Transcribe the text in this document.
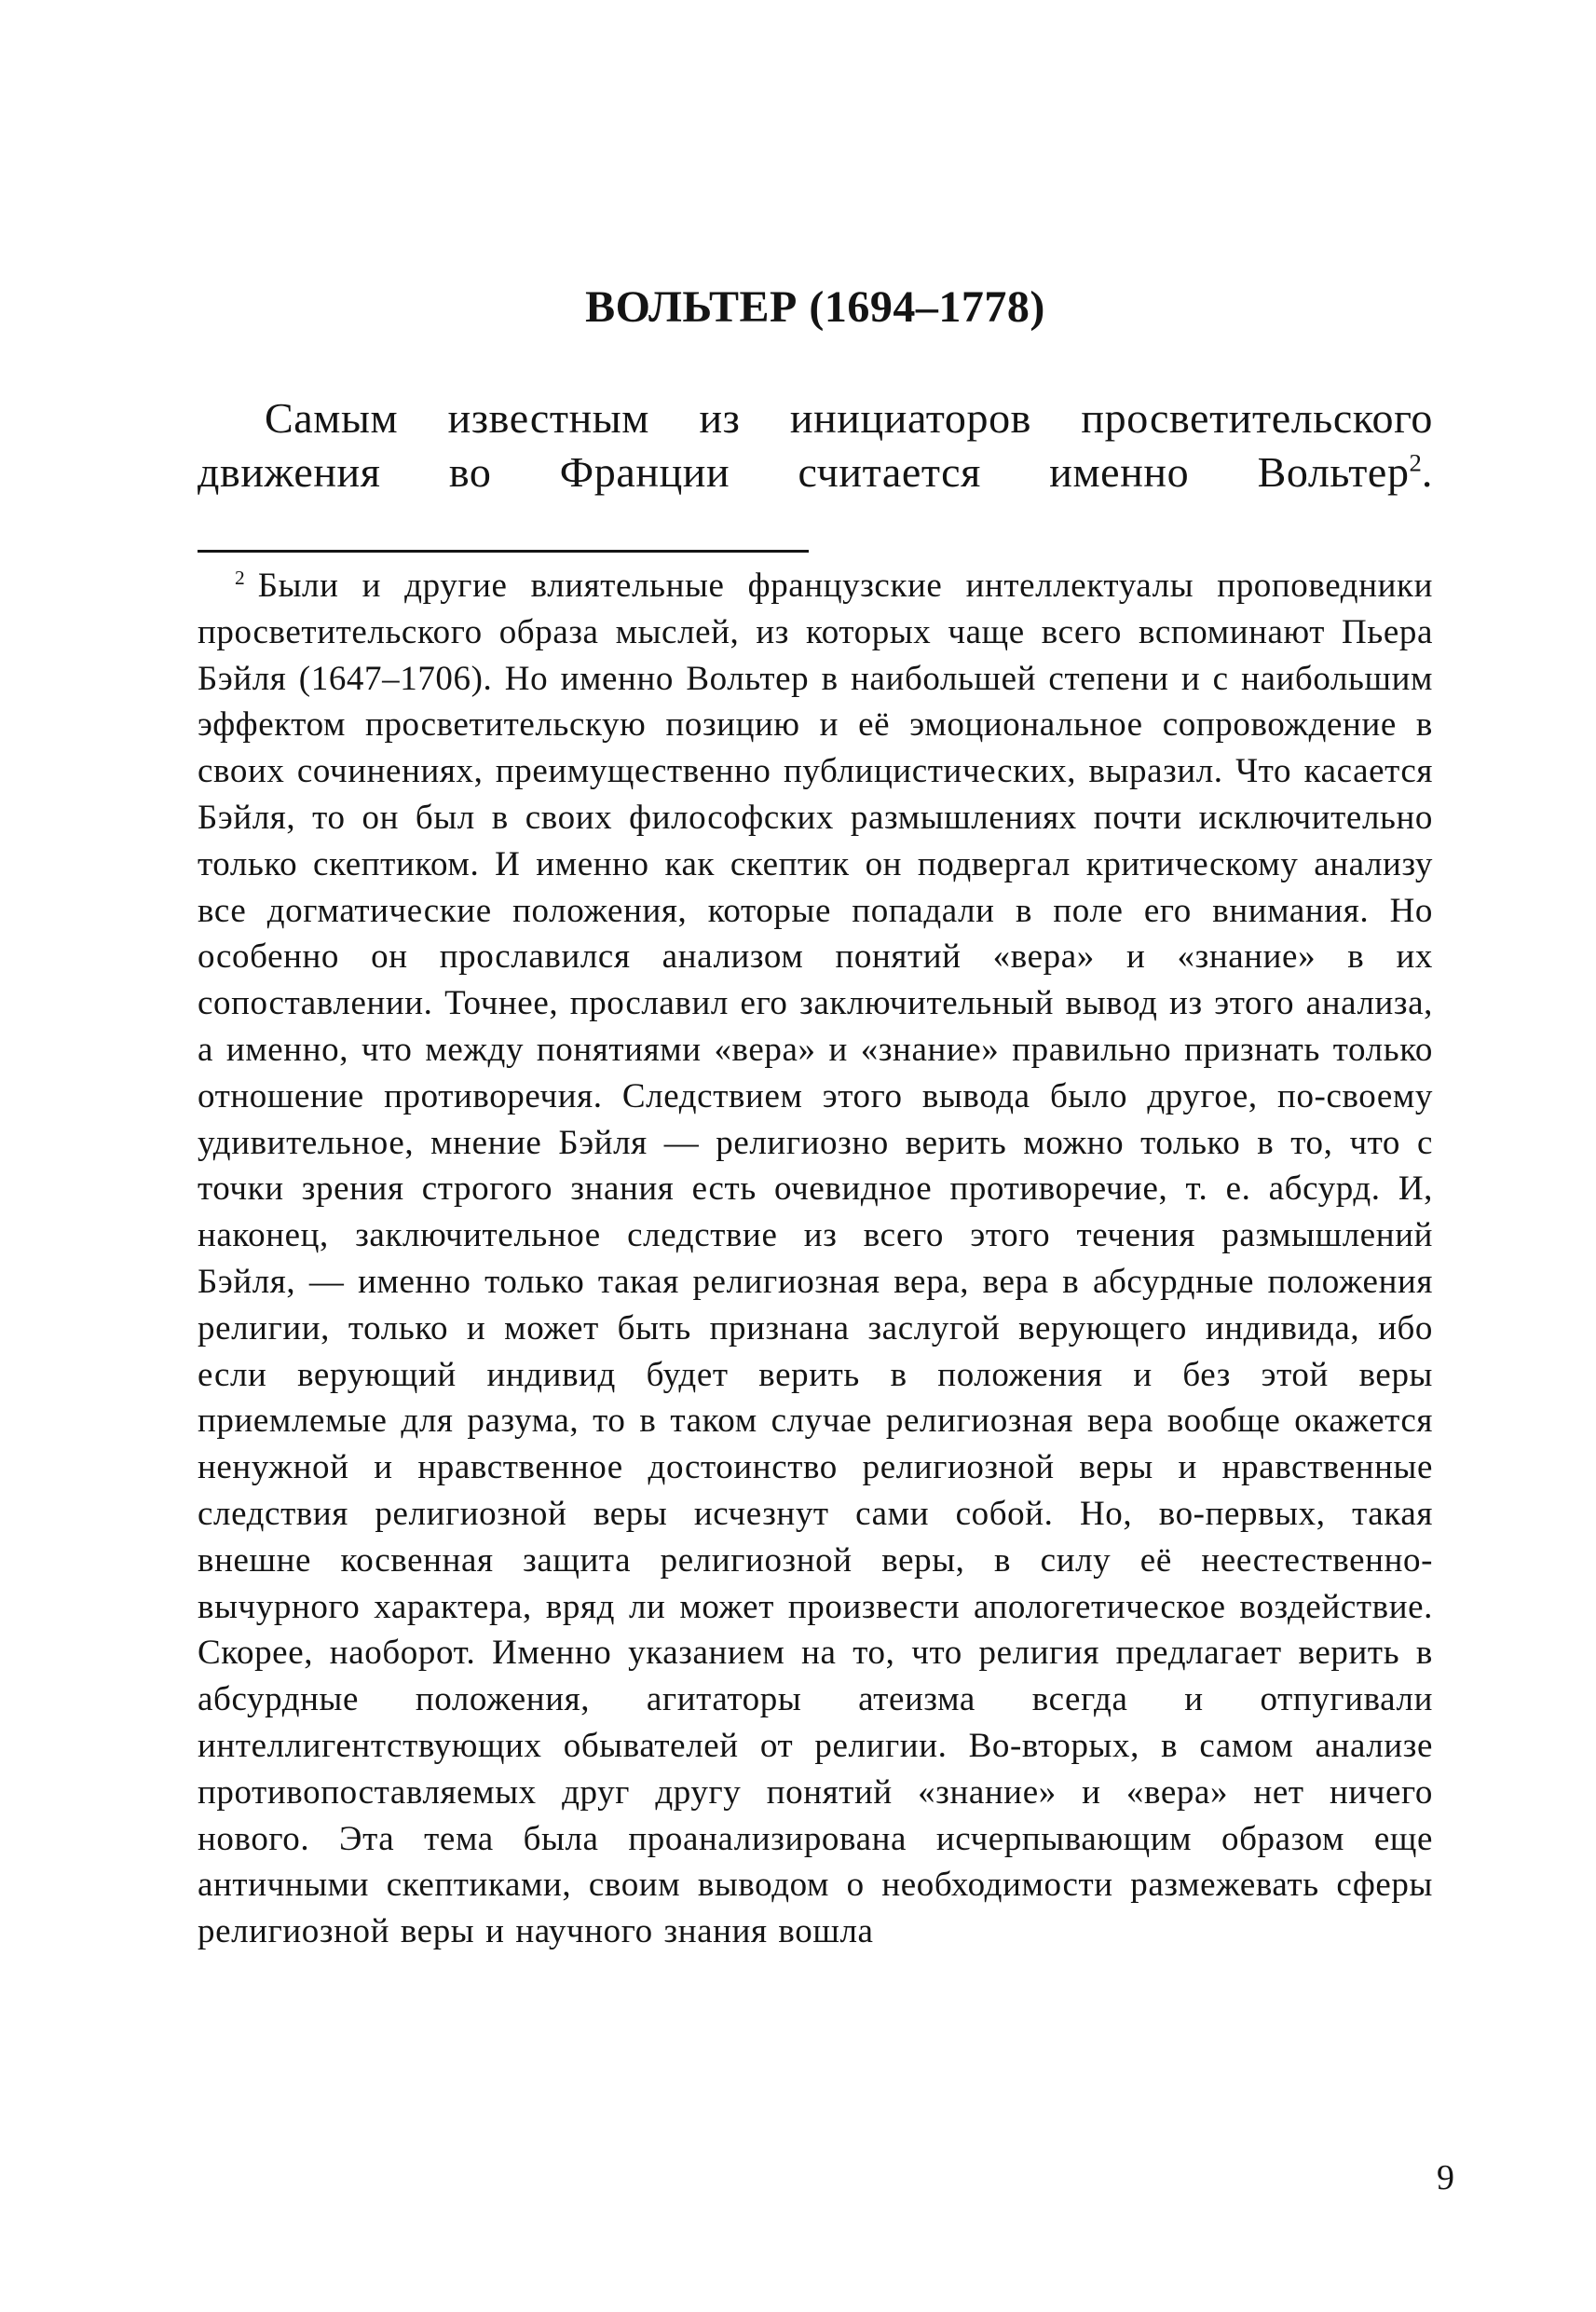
ВОЛЬТЕР (1694–1778)

Самым известным из инициаторов просветительского движения во Франции считается именно Вольтер$^2$.

$^2$ Были и другие влиятельные французские интеллектуалы проповедники просветительского образа мыслей, из которых чаще всего вспоминают Пьера Бэйля (1647–1706). Но именно Вольтер в наибольшей степени и с наибольшим эффектом просветительскую позицию и её эмоциональное сопровождение в своих сочинениях, преимущественно публицистических, выразил. Что касается Бэйля, то он был в своих философских размышлениях почти исключительно только скептиком. И именно как скептик он подвергал критическому анализу все догматические положения, которые попадали в поле его внимания. Но особенно он прославился анализом понятий «вера» и «знание» в их сопоставлении. Точнее, прославил его заключительный вывод из этого анализа, а именно, что между понятиями «вера» и «знание» правильно признать только отношение противоречия. Следствием этого вывода было другое, по-своему удивительное, мнение Бэйля — религиозно верить можно только в то, что с точки зрения строгого знания есть очевидное противоречие, т. е. абсурд. И, наконец, заключительное следствие из всего этого течения размышлений Бэйля, — именно только такая религиозная вера, вера в абсурдные положения религии, только и может быть признана заслугой верующего индивида, ибо если верующий индивид будет верить в положения и без этой веры приемлемые для разума, то в таком случае религиозная вера вообще окажется ненужной и нравственное достоинство религиозной веры и нравственные следствия религиозной веры исчезнут сами собой. Но, во-первых, такая внешне косвенная защита религиозной веры, в силу её неестественно-вычурного характера, вряд ли может произвести апологетическое воздействие. Скорее, наоборот. Именно указанием на то, что религия предлагает верить в абсурдные положения, агитаторы атеизма всегда и отпугивали интеллигентствующих обывателей от религии. Во-вторых, в самом анализе противопоставляемых друг другу понятий «знание» и «вера» нет ничего нового. Эта тема была проанализирована исчерпывающим образом еще античными скептиками, своим выводом о необходимости размежевать сферы религиозной веры и научного знания вошла

9
